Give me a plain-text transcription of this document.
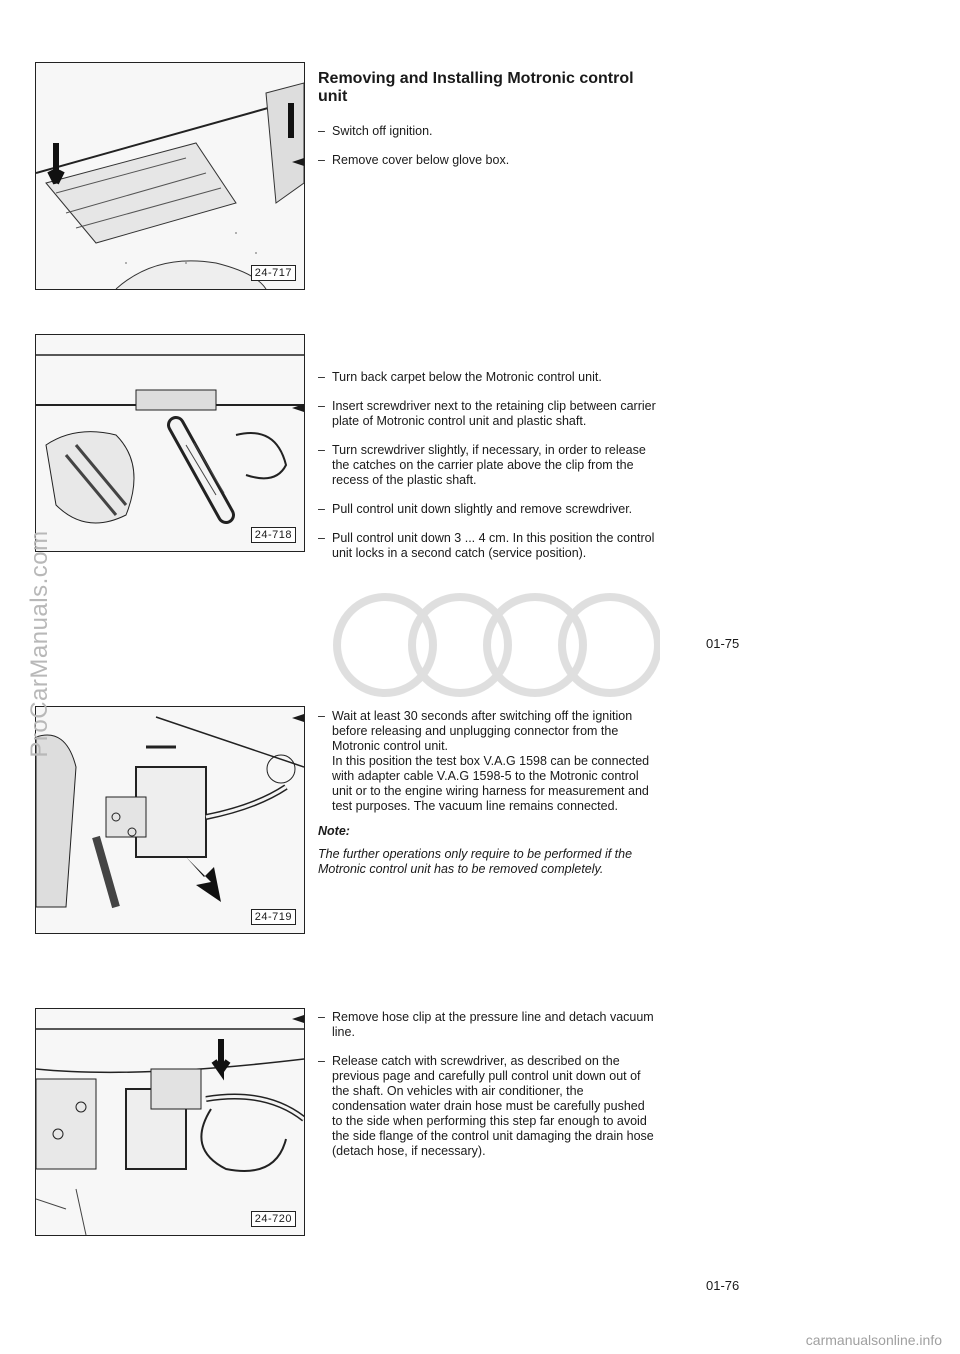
24-717
24-718
24-719
24-720
Removing and Installing Motronic control unit
– Switch off ignition.
– Remove cover below glove box.
– Turn back carpet below the Motronic control unit.
– Insert screwdriver next to the retaining clip between carrier plate of Motronic control unit and plastic shaft.
– Turn screwdriver slightly, if necessary, in order to release the catches on the carrier plate above the clip from the recess of the plastic shaft.
– Pull control unit down slightly and remove screwdriver.
– Pull control unit down 3 ... 4 cm. In this position the control unit locks in a second catch (service position).
– Wait at least 30 seconds after switching off the ignition before releasing and unplugging connector from the Motronic control unit.

In this position the test box V.A.G 1598 can be connected with adapter cable V.A.G 1598-5 to the Motronic control unit or to the engine wiring harness for measurement and test purposes. The vacuum line remains connected.

Note:

The further operations only require to be performed if the Motronic control unit has to be removed completely.

– Remove hose clip at the pressure line and detach vacuum line.
– Release catch with screwdriver, as described on the previous page and carefully pull control unit down out of the shaft. On vehicles with air conditioner, the condensation water drain hose must be carefully pushed to the side when performing this step far enough to avoid the side flange of the control unit damaging the drain hose (detach hose, if necessary).
01-75
01-76
ProCarManuals.com
carmanualsonline.info
